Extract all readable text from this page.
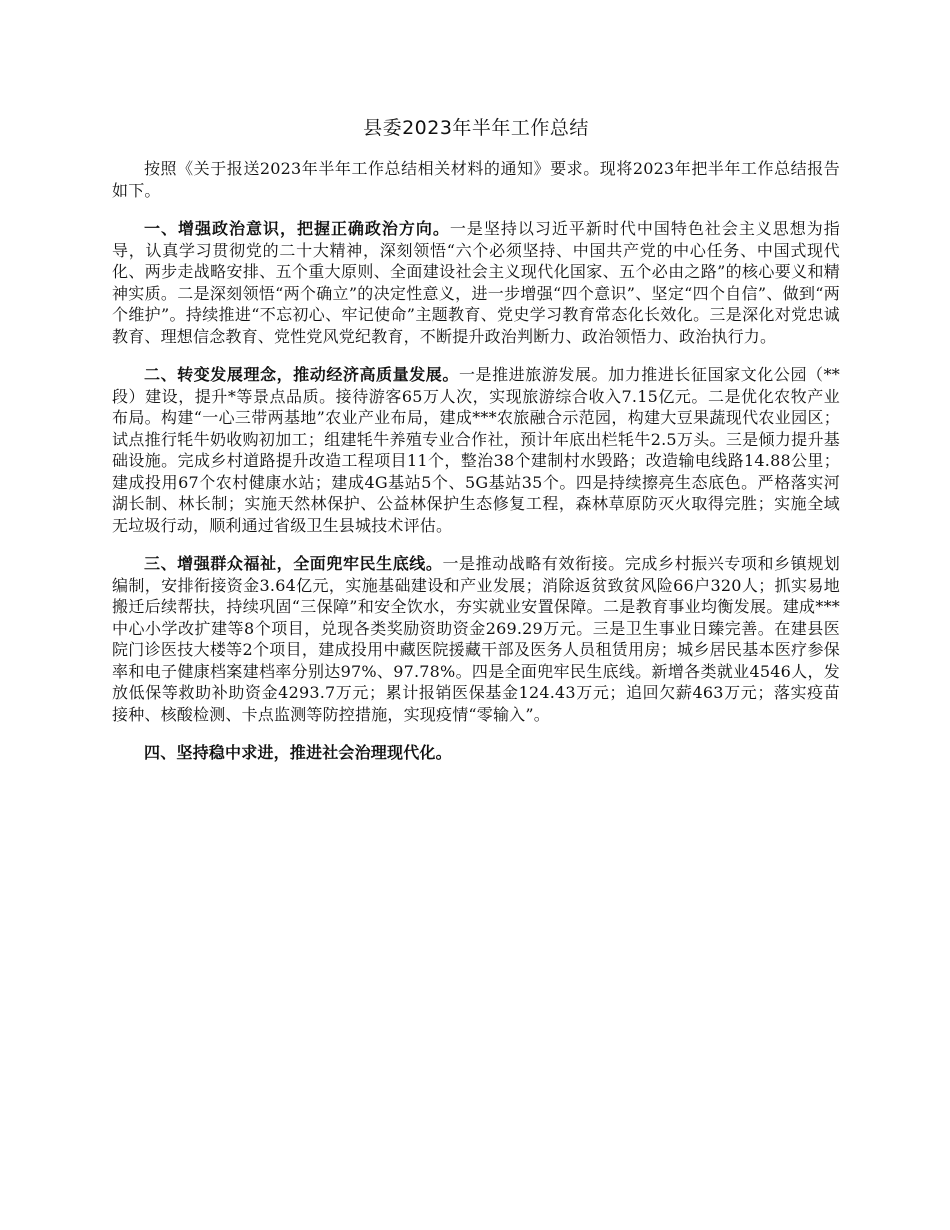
县委2023年半年工作总结

按照《关于报送2023年半年工作总结相关材料的通知》要求。现将2023年把半年工作总结报告如下。

一、增强政治意识，把握正确政治方向。一是坚持以习近平新时代中国特色社会主义思想为指导，认真学习贯彻党的二十大精神，深刻领悟“六个必须坚持、中国共产党的中心任务、中国式现代化、两步走战略安排、五个重大原则、全面建设社会主义现代化国家、五个必由之路”的核心要义和精神实质。二是深刻领悟“两个确立”的决定性意义，进一步增强“四个意识”、坚定“四个自信”、做到“两个维护”。持续推进“不忘初心、牢记使命”主题教育、党史学习教育常态化长效化。三是深化对党忠诚教育、理想信念教育、党性党风党纪教育，不断提升政治判断力、政治领悟力、政治执行力。

二、转变发展理念，推动经济高质量发展。一是推进旅游发展。加力推进长征国家文化公园（**段）建设，提升*等景点品质。接待游客65万人次，实现旅游综合收入7.15亿元。二是优化农牧产业布局。构建“一心三带两基地”农业产业布局，建成***农旅融合示范园，构建大豆果蔬现代农业园区；试点推行牦牛奶收购初加工；组建牦牛养殖专业合作社，预计年底出栏牦牛2.5万头。三是倾力提升基础设施。完成乡村道路提升改造工程项目11个，整治38个建制村水毁路；改造输电线路14.88公里；建成投用67个农村健康水站；建成4G基站5个、5G基站35个。四是持续擦亮生态底色。严格落实河湖长制、林长制；实施天然林保护、公益林保护生态修复工程，森林草原防灭火取得完胜；实施全域无垃圾行动，顺利通过省级卫生县城技术评估。

三、增强群众福祉，全面兜牢民生底线。一是推动战略有效衔接。完成乡村振兴专项和乡镇规划编制，安排衔接资金3.64亿元，实施基础建设和产业发展；消除返贫致贫风险66户320人；抓实易地搬迁后续帮扶，持续巩固“三保障”和安全饮水，夯实就业安置保障。二是教育事业均衡发展。建成***中心小学改扩建等8个项目，兑现各类奖励资助资金269.29万元。三是卫生事业日臻完善。在建县医院门诊医技大楼等2个项目，建成投用中藏医院援藏干部及医务人员租赁用房；城乡居民基本医疗参保率和电子健康档案建档率分别达97%、97.78%。四是全面兜牢民生底线。新增各类就业4546人，发放低保等救助补助资金4293.7万元；累计报销医保基金124.43万元；追回欠薪463万元；落实疫苗接种、核酸检测、卡点监测等防控措施，实现疫情“零输入”。

四、坚持稳中求进，推进社会治理现代化。
